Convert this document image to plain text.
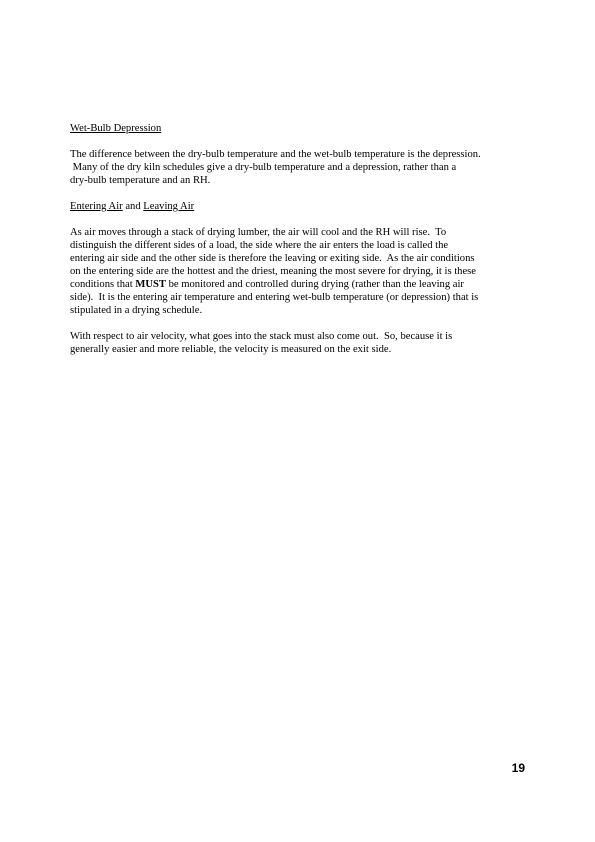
Wet-Bulb Depression
The difference between the dry-bulb temperature and the wet-bulb temperature is the depression.
Many of the dry kiln schedules give a dry-bulb temperature and a depression, rather than a
dry-bulb temperature and an RH.
Entering Air and Leaving Air
As air moves through a stack of drying lumber, the air will cool and the RH will rise.  To
distinguish the different sides of a load, the side where the air enters the load is called the
entering air side and the other side is therefore the leaving or exiting side.  As the air conditions
on the entering side are the hottest and the driest, meaning the most severe for drying, it is these
conditions that MUST be monitored and controlled during drying (rather than the leaving air
side).  It is the entering air temperature and entering wet-bulb temperature (or depression) that is
stipulated in a drying schedule.
With respect to air velocity, what goes into the stack must also come out.  So, because it is
generally easier and more reliable, the velocity is measured on the exit side.
19
